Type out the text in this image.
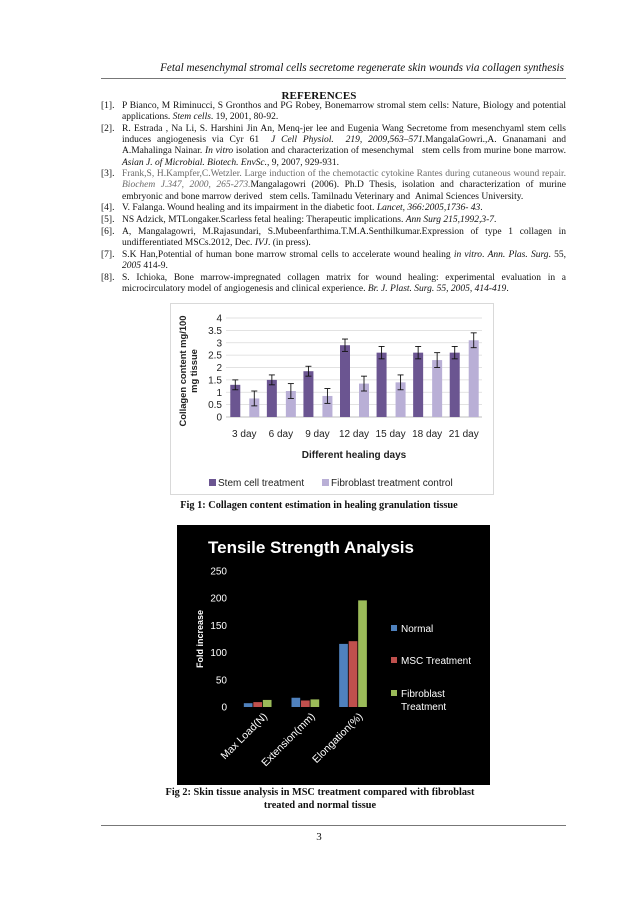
Fetal mesenchymal stromal cells secretome regenerate skin wounds via collagen synthesis
REFERENCES
[1]. P Bianco, M Riminucci, S Gronthos and PG Robey, Bonemarrow stromal stem cells: Nature, Biology and potential applications. Stem cells. 19, 2001, 80-92.
[2]. R. Estrada , Na Li, S. Harshini Jin An, Menq-jer lee and Eugenia Wang Secretome from mesenchyaml stem cells induces angiogenesis via Cyr 61  J Cell Physiol.  219, 2009,563–571.MangalaGowri.,A. Gnanamani and A.Mahalinga Nainar. In vitro isolation and characterization of mesenchymal   stem cells from murine bone marrow. Asian J. of Microbial. Biotech. EnvSc., 9, 2007, 929-931.
[3]. Frank,S, H.Kampfer,C.Wetzler. Large induction of the chemotactic cytokine Rantes during cutaneous wound repair. Biochem J.347, 2000, 265-273.Mangalagowri (2006). Ph.D Thesis, isolation and characterization of murine embryonic and bone marrow derived   stem cells. Tamilnadu Veterinary and  Animal Sciences University.
[4]. V. Falanga. Wound healing and its impairment in the diabetic foot. Lancet, 366:2005,1736- 43.
[5]. NS Adzick, MTLongaker.Scarless fetal healing: Therapeutic implications. Ann Surg 215,1992,3-7.
[6]. A, Mangalagowri, M.Rajasundari, S.Mubeenfarthima.T.M.A.Senthilkumar.Expression of type 1 collagen in undifferentiated MSCs.2012, Dec. IVJ. (in press).
[7]. S.K Han,Potential of human bone marrow stromal cells to accelerate wound healing in vitro. Ann. Plas. Surg. 55, 2005 414-9.
[8]. S. Ichioka, Bone marrow-impregnated collagen matrix for wound healing: experimental evaluation in a microcirculatory model of angiogenesis and clinical experience. Br. J. Plast. Surg. 55, 2005, 414-419.
0
0.5
1
1.5
2
2.5
3
3.5
4
3 day 6 day 9 day 12 day 15 day 18 day 21 day
Different healing days
Collagen content mg/100mg tissue
Stem cell treatment	Fibroblast treatment control
Fig 1: Collagen content estimation in healing granulation tissue
Tensile Strength Analysis
0
50
100
150
200
250
Fold increase
Max Load(N)
Extension(mm)
Elongation(%)
Normal
MSC Treatment
Fibroblast
Treatment
Fig 2: Skin tissue analysis in MSC treatment compared with fibroblast treated and normal tissue
3
